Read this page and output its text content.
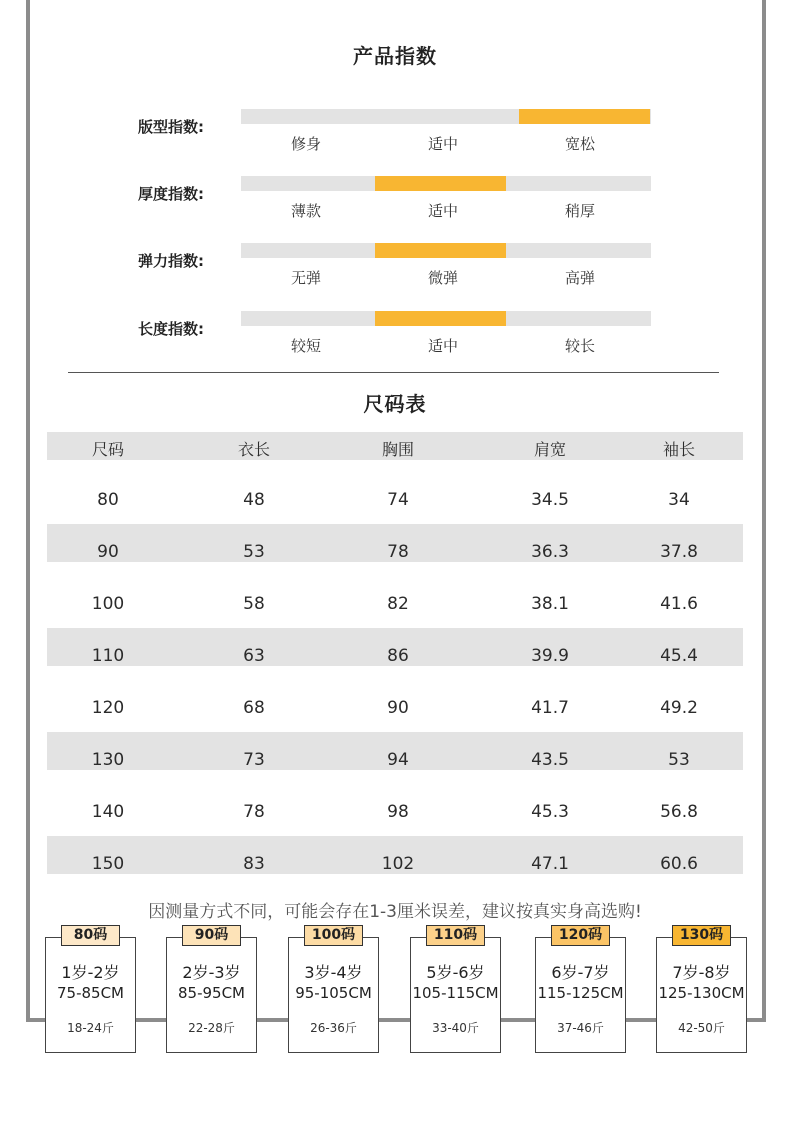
产品指数
版型指数:
修身	适中	宽松
厚度指数:
薄款	适中	稍厚
弹力指数:
无弹	微弹	高弹
长度指数:
较短	适中	较长
尺码表
尺码	衣长	胸围	肩宽	袖长
80	48	74	34.5	34
90	53	78	36.3	37.8
100	58	82	38.1	41.6
110	63	86	39.9	45.4
120	68	90	41.7	49.2
130	73	94	43.5	53
140	78	98	45.3	56.8
150	83	102	47.1	60.6
因测量方式不同，可能会存在1-3厘米误差，建议按真实身高选购!
80码
1岁-2岁
75-85CM
18-24斤
90码
2岁-3岁
85-95CM
22-28斤
100码
3岁-4岁
95-105CM
26-36斤
110码
5岁-6岁
105-115CM
33-40斤
120码
6岁-7岁
115-125CM
37-46斤
130码
7岁-8岁
125-130CM
42-50斤
